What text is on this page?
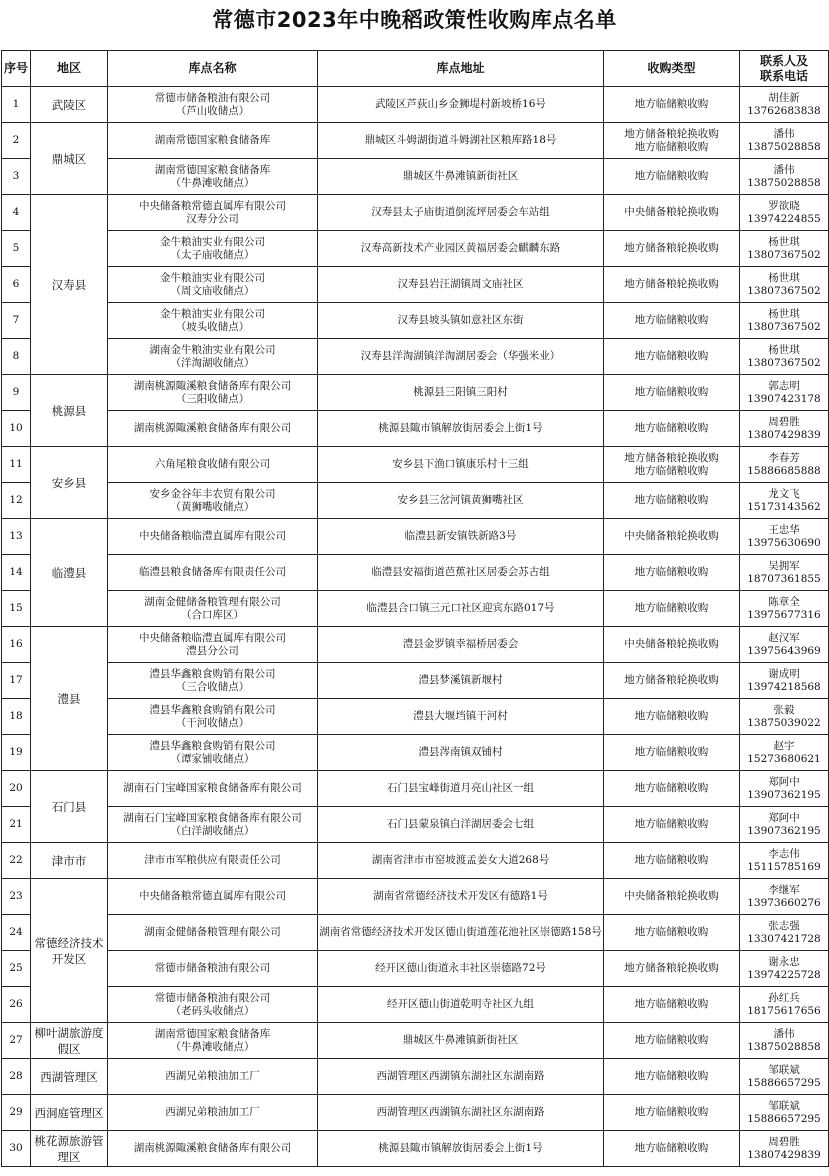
常德市2023年中晚稻政策性收购库点名单
序号	地区	库点名称	库点地址	收购类型	联系人及
联系电话

1	武陵区	常德市储备粮油有限公司
（芦山收储点）	武陵区芦荻山乡金狮堤村新坡桥16号	地方临储粮收购	胡佳新
13762683838

2	鼎城区	湖南常德国家粮食储备库	鼎城区斗姆湖街道斗姆湖社区粮库路18号	地方储备粮轮换收购
地方临储粮收购	潘伟
13875028858

3		湖南常德国家粮食储备库
（牛鼻滩收储点）	鼎城区牛鼻滩镇新街社区	地方临储粮收购	潘伟
13875028858

4	汉寿县	中央储备粮常德直属库有限公司
汉寿分公司	汉寿县太子庙街道倒流坪居委会车站组	中央储备粮轮换收购	罗欲晓
13974224855

5		金牛粮油实业有限公司
（太子庙收储点）	汉寿高新技术产业园区黄福居委会麒麟东路	地方储备粮轮换收购	杨世琪
13807367502

6		金牛粮油实业有限公司
（周文庙收储点）	汉寿县岩汪湖镇周文庙社区	地方储备粮轮换收购	杨世琪
13807367502

7		金牛粮油实业有限公司
（坡头收储点）	汉寿县坡头镇如意社区东街	地方临储粮收购	杨世琪
13807367502

8		湖南金牛粮油实业有限公司
（洋淘湖收储点）	汉寿县洋淘湖镇洋淘湖居委会（华强米业）	地方临储粮收购	杨世琪
13807367502

9	桃源县	湖南桃源陬溪粮食储备库有限公司
（三阳收储点）	桃源县三阳镇三阳村	地方临储粮收购	郭志明
13907423178

10		湖南桃源陬溪粮食储备库有限公司	桃源县陬市镇解放街居委会上街1号	地方临储粮收购	周碧胜
13807429839

11	安乡县	六角尾粮食收储有限公司	安乡县下渔口镇康乐村十三组	地方储备粮轮换收购
地方临储粮收购	李春芳
15886685888

12		安乡金谷年丰农贸有限公司
（黄狮嘴收储点）	安乡县三岔河镇黄狮嘴社区	地方临储粮收购	龙文飞
15173143562

13	临澧县	中央储备粮临澧直属库有限公司	临澧县新安镇铁新路3号	中央储备粮轮换收购	王忠华
13975630690

14		临澧县粮食储备库有限责任公司	临澧县安福街道芭蕉社区居委会苏古组	地方临储粮收购	吴拥军
18707361855

15		湖南金健储备粮管理有限公司
（合口库区）	临澧县合口镇三元口社区迎宾东路017号	地方临储粮收购	陈章全
13975677316

16	澧县	中央储备粮临澧直属库有限公司
澧县分公司	澧县金罗镇幸福桥居委会	中央储备粮轮换收购	赵汉军
13975643969

17		澧县华鑫粮食购销有限公司
（三合收储点）	澧县梦溪镇新堰村	地方储备粮轮换收购	谢成明
13974218568

18		澧县华鑫粮食购销有限公司
（干河收储点）	澧县大堰垱镇干河村	地方临储粮收购	张毅
13875039022

19		澧县华鑫粮食购销有限公司
（谭家铺收储点）	澧县涔南镇双铺村	地方临储粮收购	赵宇
15273680621

20	石门县	湖南石门宝峰国家粮食储备库有限公司	石门县宝峰街道月亮山社区一组	地方临储粮收购	郑阿中
13907362195

21		湖南石门宝峰国家粮食储备库有限公司
（白洋湖收储点）	石门县蒙泉镇白洋湖居委会七组	地方临储粮收购	郑阿中
13907362195

22	津市市	津市市军粮供应有限责任公司	湖南省津市市窑坡渡孟姜女大道268号	地方临储粮收购	李志伟
15115785169

23	常德经济技术开发区	中央储备粮常德直属库有限公司	湖南省常德经济技术开发区有德路1号	中央储备粮轮换收购	李继军
13973660276

24		湖南金健储备粮管理有限公司	湖南省常德经济技术开发区德山街道莲花池社区崇德路158号	地方临储粮收购	张志强
13307421728

25		常德市储备粮油有限公司	经开区德山街道永丰社区崇德路72号	地方储备粮轮换收购	谢永忠
13974225728

26		常德市储备粮油有限公司
（老码头收储点）	经开区德山街道乾明寺社区九组	地方临储粮收购	孙红兵
18175617656

27	柳叶湖旅游度假区	湖南常德国家粮食储备库
（牛鼻滩收储点）	鼎城区牛鼻滩镇新街社区	地方临储粮收购	潘伟
13875028858

28	西湖管理区	西湖兄弟粮油加工厂	西湖管理区西湖镇东湖社区东湖南路	地方临储粮收购	邹联斌
15886657295

29	西洞庭管理区	西湖兄弟粮油加工厂	西湖管理区西湖镇东湖社区东湖南路	地方临储粮收购	邹联斌
15886657295

30	桃花源旅游管理区	湖南桃源陬溪粮食储备库有限公司	桃源县陬市镇解放街居委会上街1号	地方临储粮收购	周碧胜
13807429839
